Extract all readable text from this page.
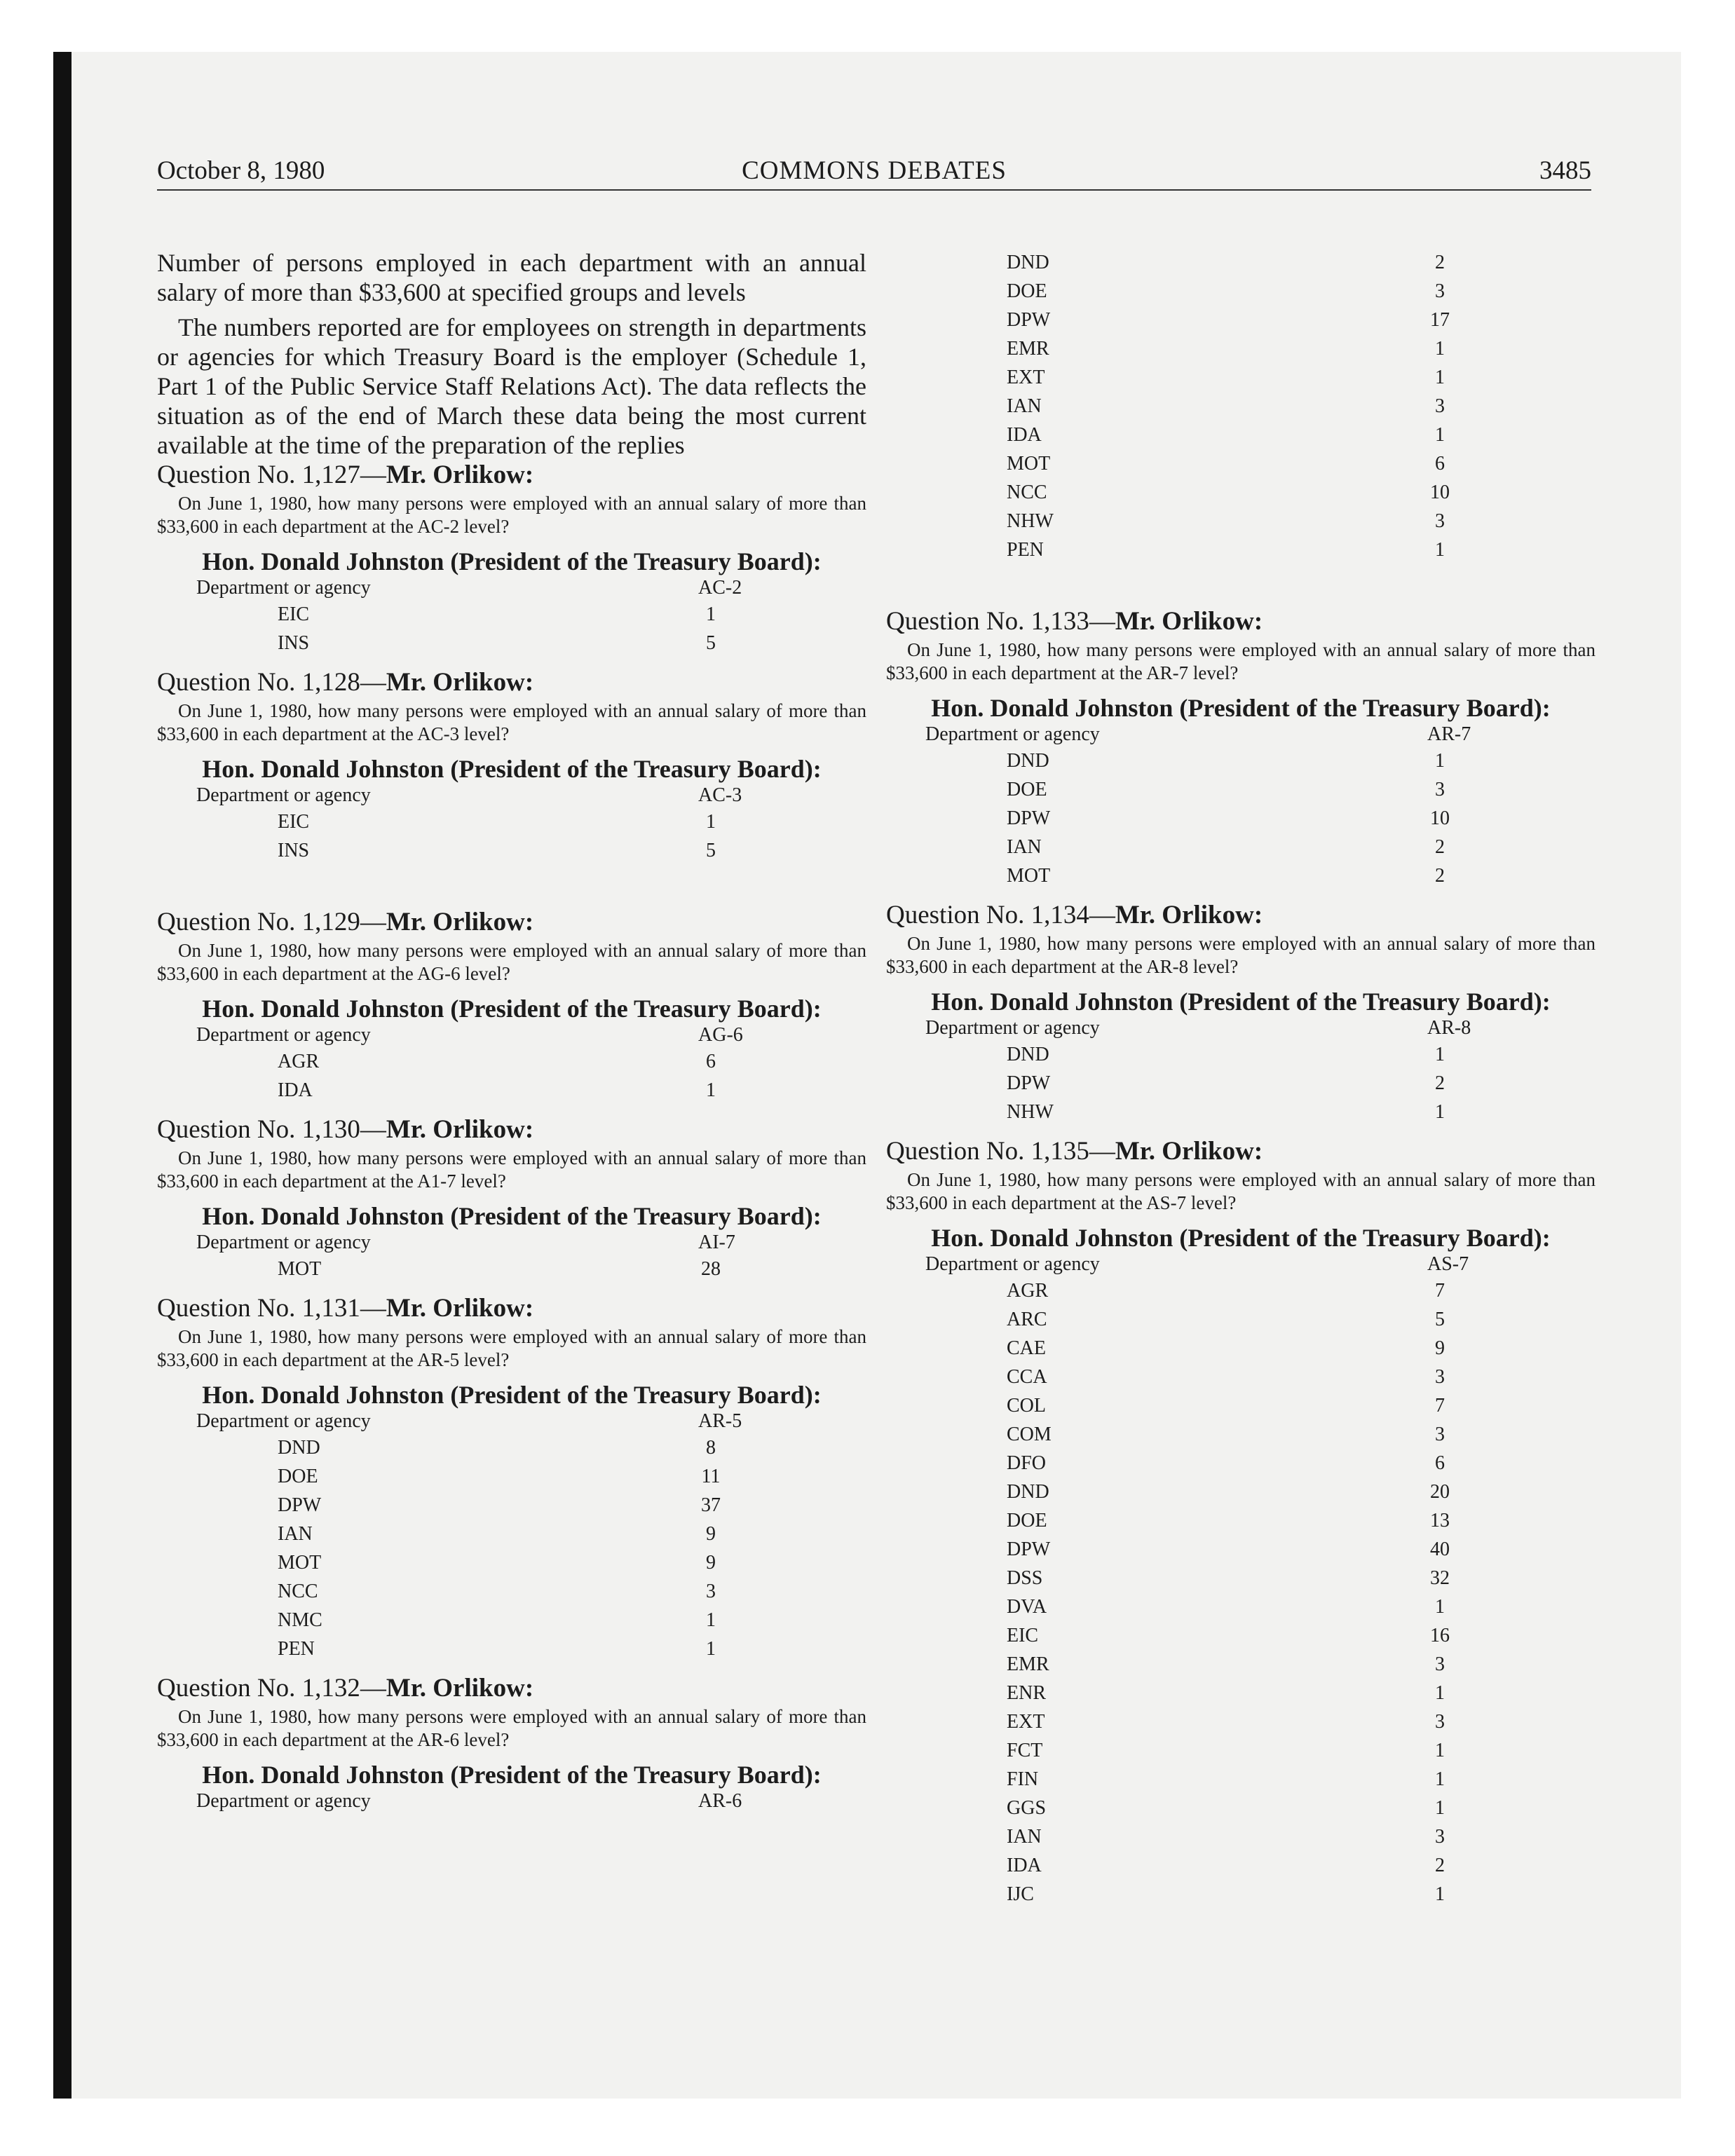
October 8, 1980	COMMONS DEBATES	3485

Number of persons employed in each department with an annual salary of more than $33,600 at specified groups and levels

The numbers reported are for employees on strength in departments or agencies for which Treasury Board is the employer (Schedule 1, Part 1 of the Public Service Staff Relations Act). The data reflects the situation as of the end of March these data being the most current available at the time of the preparation of the replies

Question No. 1,127—Mr. Orlikow:

On June 1, 1980, how many persons were employed with an annual salary of more than $33,600 in each department at the AC-2 level?

Hon. Donald Johnston (President of the Treasury Board):

Department or agency	AC-2
EIC	1
INS	5

Question No. 1,128—Mr. Orlikow:

On June 1, 1980, how many persons were employed with an annual salary of more than $33,600 in each department at the AC-3 level?

Hon. Donald Johnston (President of the Treasury Board):

Department or agency	AC-3
EIC	1
INS	5

Question No. 1,129—Mr. Orlikow:

On June 1, 1980, how many persons were employed with an annual salary of more than $33,600 in each department at the AG-6 level?

Hon. Donald Johnston (President of the Treasury Board):

Department or agency	AG-6
AGR	6
IDA	1

Question No. 1,130—Mr. Orlikow:

On June 1, 1980, how many persons were employed with an annual salary of more than $33,600 in each department at the A1-7 level?

Hon. Donald Johnston (President of the Treasury Board):

Department or agency	AI-7
MOT	28

Question No. 1,131—Mr. Orlikow:

On June 1, 1980, how many persons were employed with an annual salary of more than $33,600 in each department at the AR-5 level?

Hon. Donald Johnston (President of the Treasury Board):

Department or agency	AR-5
DND	8
DOE	11
DPW	37
IAN	9
MOT	9
NCC	3
NMC	1
PEN	1

Question No. 1,132—Mr. Orlikow:

On June 1, 1980, how many persons were employed with an annual salary of more than $33,600 in each department at the AR-6 level?

Hon. Donald Johnston (President of the Treasury Board):

Department or agency	AR-6
DND	2
DOE	3
DPW	17
EMR	1
EXT	1
IAN	3
IDA	1
MOT	6
NCC	10
NHW	3
PEN	1

Question No. 1,133—Mr. Orlikow:

On June 1, 1980, how many persons were employed with an annual salary of more than $33,600 in each department at the AR-7 level?

Hon. Donald Johnston (President of the Treasury Board):

Department or agency	AR-7
DND	1
DOE	3
DPW	10
IAN	2
MOT	2

Question No. 1,134—Mr. Orlikow:

On June 1, 1980, how many persons were employed with an annual salary of more than $33,600 in each department at the AR-8 level?

Hon. Donald Johnston (President of the Treasury Board):

Department or agency	AR-8
DND	1
DPW	2
NHW	1

Question No. 1,135—Mr. Orlikow:

On June 1, 1980, how many persons were employed with an annual salary of more than $33,600 in each department at the AS-7 level?

Hon. Donald Johnston (President of the Treasury Board):

Department or agency	AS-7
AGR	7
ARC	5
CAE	9
CCA	3
COL	7
COM	3
DFO	6
DND	20
DOE	13
DPW	40
DSS	32
DVA	1
EIC	16
EMR	3
ENR	1
EXT	3
FCT	1
FIN	1
GGS	1
IAN	3
IDA	2
IJC	1
